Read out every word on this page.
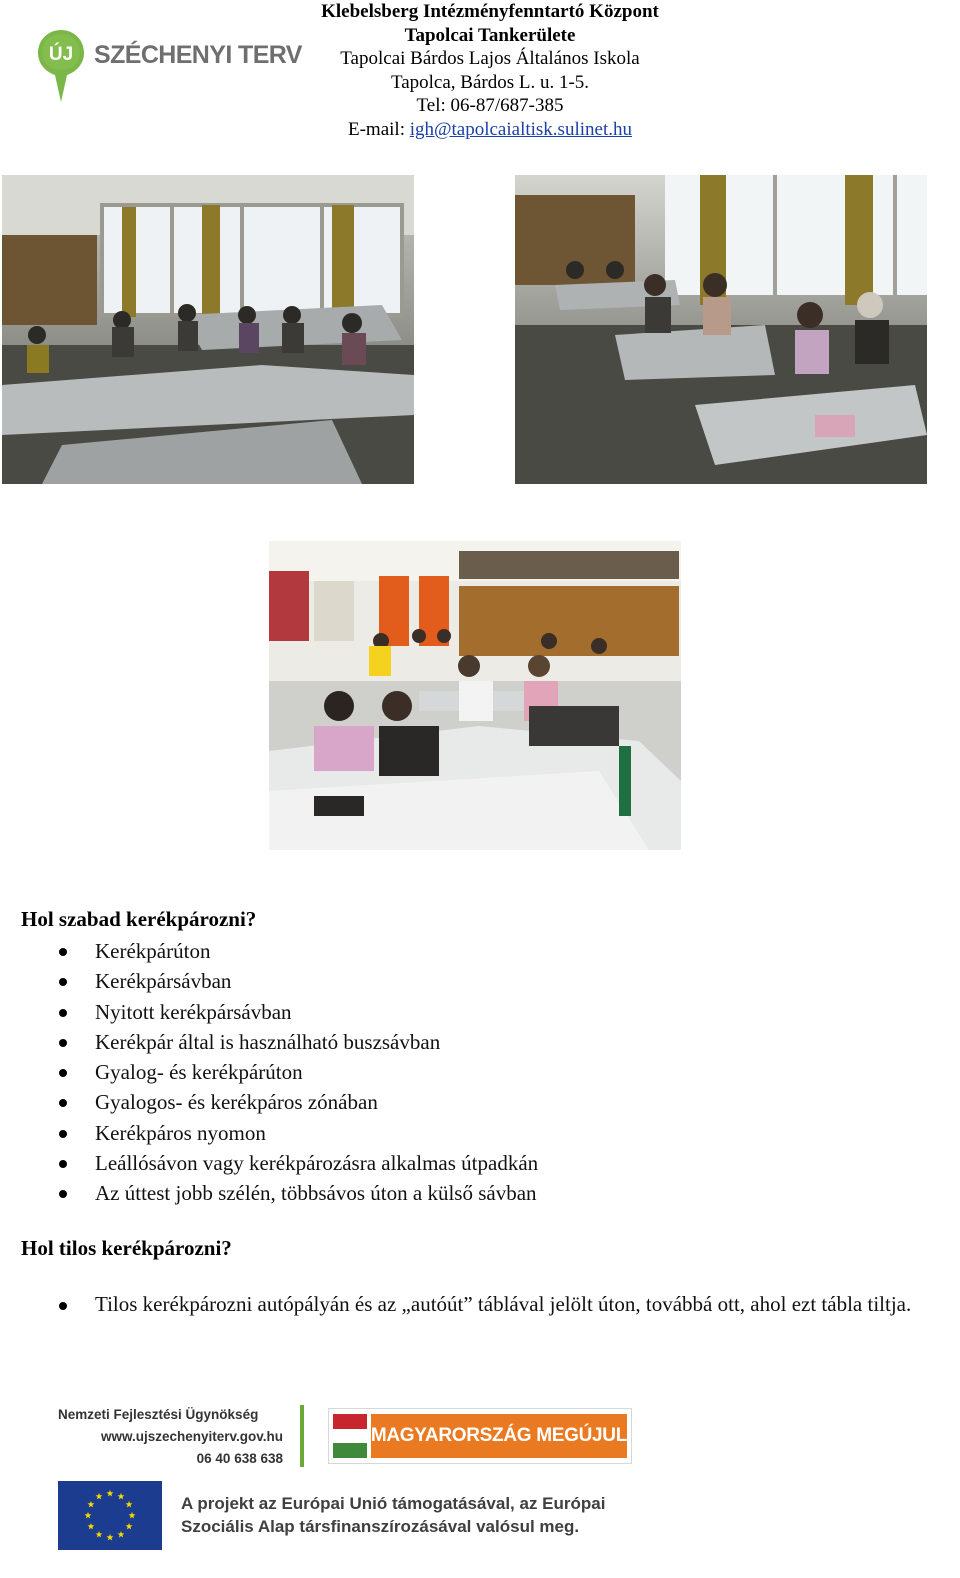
ÚJ SZÉCHENYI TERV
Klebelsberg Intézményfenntartó Központ
Tapolcai Tankerülete
Tapolcai Bárdos Lajos Általános Iskola
Tapolca, Bárdos L. u. 1-5.
Tel: 06-87/687-385
E-mail: igh@tapolcaialtisk.sulinet.hu
Hol szabad kerékpározni?
Kerékpárúton
Kerékpársávban
Nyitott kerékpársávban
Kerékpár által is használható buszsávban
Gyalog- és kerékpárúton
Gyalogos- és kerékpáros zónában
Kerékpáros nyomon
Leállósávon vagy kerékpározásra alkalmas útpadkán
Az úttest jobb szélén, többsávos úton a külső sávban
Hol tilos kerékpározni?
Tilos kerékpározni autópályán és az „autóút” táblával jelölt úton, továbbá ott, ahol ezt tábla tiltja.
Nemzeti Fejlesztési Ügynökség
www.ujszechenyiterv.gov.hu
06 40 638 638
MAGYARORSZÁG MEGÚJUL
A projekt az Európai Unió támogatásával, az Európai
Szociális Alap társfinanszírozásával valósul meg.
